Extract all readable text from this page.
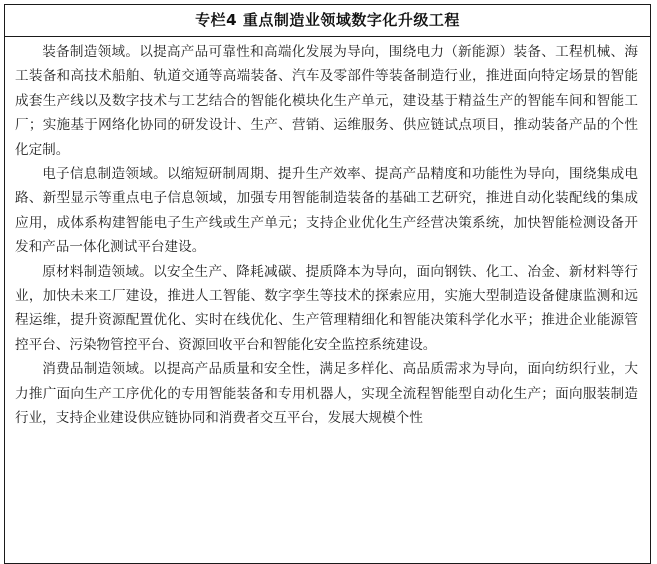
专栏4 重点制造业领域数字化升级工程

装备制造领域。以提高产品可靠性和高端化发展为导向，围绕电力（新能源）装备、工程机械、海工装备和高技术船舶、轨道交通等高端装备、汽车及零部件等装备制造行业，推进面向特定场景的智能成套生产线以及数字技术与工艺结合的智能化模块化生产单元，建设基于精益生产的智能车间和智能工厂；实施基于网络化协同的研发设计、生产、营销、运维服务、供应链试点项目，推动装备产品的个性化定制。

电子信息制造领域。以缩短研制周期、提升生产效率、提高产品精度和功能性为导向，围绕集成电路、新型显示等重点电子信息领域，加强专用智能制造装备的基础工艺研究，推进自动化装配线的集成应用，成体系构建智能电子生产线或生产单元；支持企业优化生产经营决策系统，加快智能检测设备开发和产品一体化测试平台建设。

原材料制造领域。以安全生产、降耗减碳、提质降本为导向，面向钢铁、化工、冶金、新材料等行业，加快未来工厂建设，推进人工智能、数字孪生等技术的探索应用，实施大型制造设备健康监测和远程运维，提升资源配置优化、实时在线优化、生产管理精细化和智能决策科学化水平；推进企业能源管控平台、污染物管控平台、资源回收平台和智能化安全监控系统建设。

消费品制造领域。以提高产品质量和安全性，满足多样化、高品质需求为导向，面向纺织行业，大力推广面向生产工序优化的专用智能装备和专用机器人，实现全流程智能型自动化生产；面向服装制造行业，支持企业建设供应链协同和消费者交互平台，发展大规模个性
